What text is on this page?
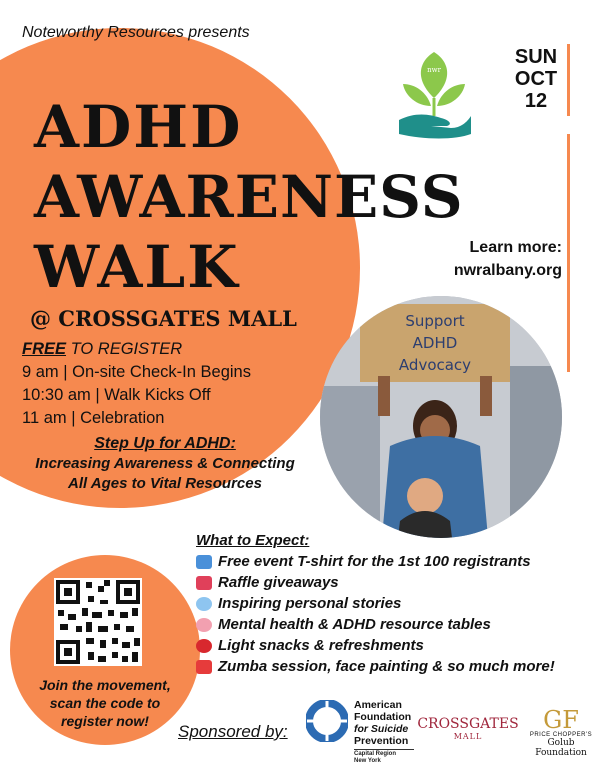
Noteworthy Resources presents
nwr
SUN
OCT
12
ADHD
AWARENESS
WALK	Learn more:
nwralbany.org
@ CROSSGATES MALL
FREE TO REGISTER
9 am | On-site Check-In Begins
10:30 am | Walk Kicks Off
11 am | Celebration
Step Up for ADHD:
Increasing Awareness & Connecting
All Ages to Vital Resources
Support
ADHD
Advocacy
What to Expect:
Free event T-shirt for the 1st 100 registrants
Raffle giveaways
Inspiring personal stories
Mental health & ADHD resource tables
Light snacks & refreshments
Zumba session, face painting & so much more!
Join the movement,
scan the code to
register now!
Sponsored by:
American
Foundation
for Suicide
Prevention
Capital Region
New York
CROSSGATES
MALL
GF
PRICE CHOPPER'S
Golub Foundation
